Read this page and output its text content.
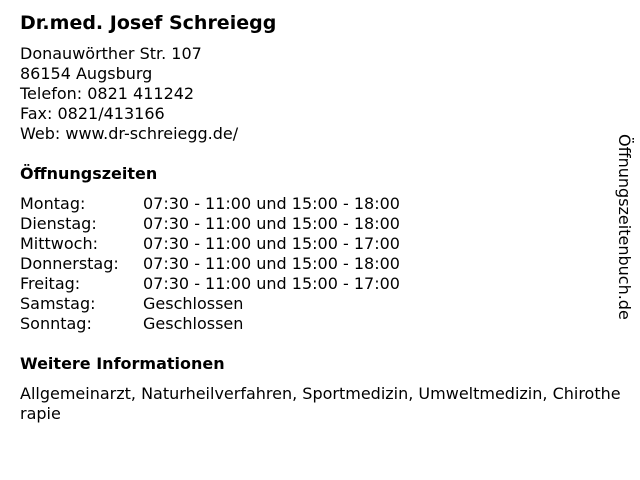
Dr.med. Josef Schreiegg
Donauwörther Str. 107
86154 Augsburg
Telefon: 0821 411242
Fax: 0821/413166
Web: www.dr-schreiegg.de/
Öffnungszeiten
Montag:	07:30 - 11:00 und 15:00 - 18:00
Dienstag:	07:30 - 11:00 und 15:00 - 18:00
Mittwoch:	07:30 - 11:00 und 15:00 - 17:00
Donnerstag:	07:30 - 11:00 und 15:00 - 18:00
Freitag:	07:30 - 11:00 und 15:00 - 17:00
Samstag:	Geschlossen
Sonntag:	Geschlossen
Weitere Informationen
Allgemeinarzt, Naturheilverfahren, Sportmedizin, Umweltmedizin, Chirotherapie
Öffnungszeitenbuch.de
